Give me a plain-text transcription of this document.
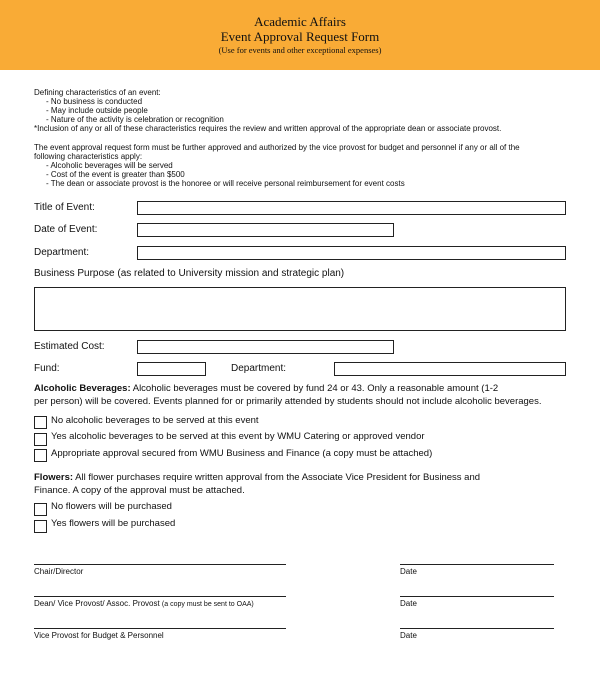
Academic Affairs
Event Approval Request Form
(Use for events and other exceptional expenses)
Defining characteristics of an event:
- No business is conducted
- May include outside people
- Nature of the activity is celebration or recognition
*Inclusion of any or all of these characteristics requires the review and written approval of the appropriate dean or associate provost.
The event approval request form must be further approved and authorized by the vice provost for budget and personnel if any or all of the
following characteristics apply:
- Alcoholic beverages will be served
- Cost of the event is greater than $500
- The dean or associate provost is the honoree or will receive personal reimbursement for event costs
Title of Event:
Date of Event:
Department:
Business Purpose (as related to University mission and strategic plan)
Estimated Cost:
Fund:	Department:
Alcoholic Beverages: Alcoholic beverages must be covered by fund 24 or 43. Only a reasonable amount (1-2
per person) will be covered. Events planned for or primarily attended by students should not include alcoholic beverages.
No alcoholic beverages to be served at this event
Yes alcoholic beverages to be served at this event by WMU Catering or approved vendor
Appropriate approval secured from WMU Business and Finance (a copy must be attached)
Flowers: All flower purchases require written approval from the Associate Vice President for Business and
Finance. A copy of the approval must be attached.
No flowers will be purchased
Yes flowers will be purchased
Chair/Director	Date
Dean/ Vice Provost/ Assoc. Provost (a copy must be sent to OAA)	Date
Vice Provost for Budget & Personnel	Date
